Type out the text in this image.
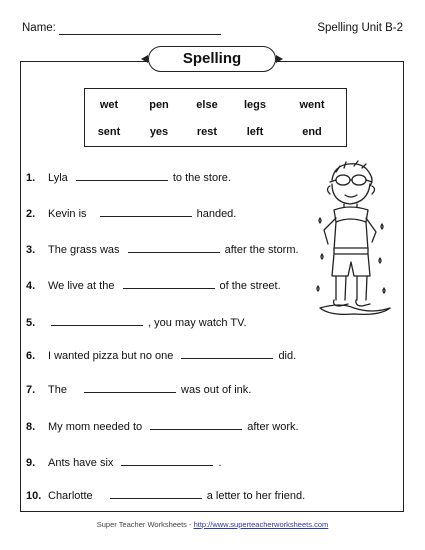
Name:	Spelling Unit B-2
Spelling
wet	pen	else	legs	went
sent	yes	rest	left	end
1. Lyla	to the store.
2. Kevin is	handed.
3. The grass was	after the storm.
4. We live at the	of the street.
5.	, you may watch TV.
6. I wanted pizza but no one	did.
7. The	was out of ink.
8. My mom needed to	after work.
9. Ants have six	.
10. Charlotte	a letter to her friend.
Super Teacher Worksheets - http://www.superteacherworksheets.com
